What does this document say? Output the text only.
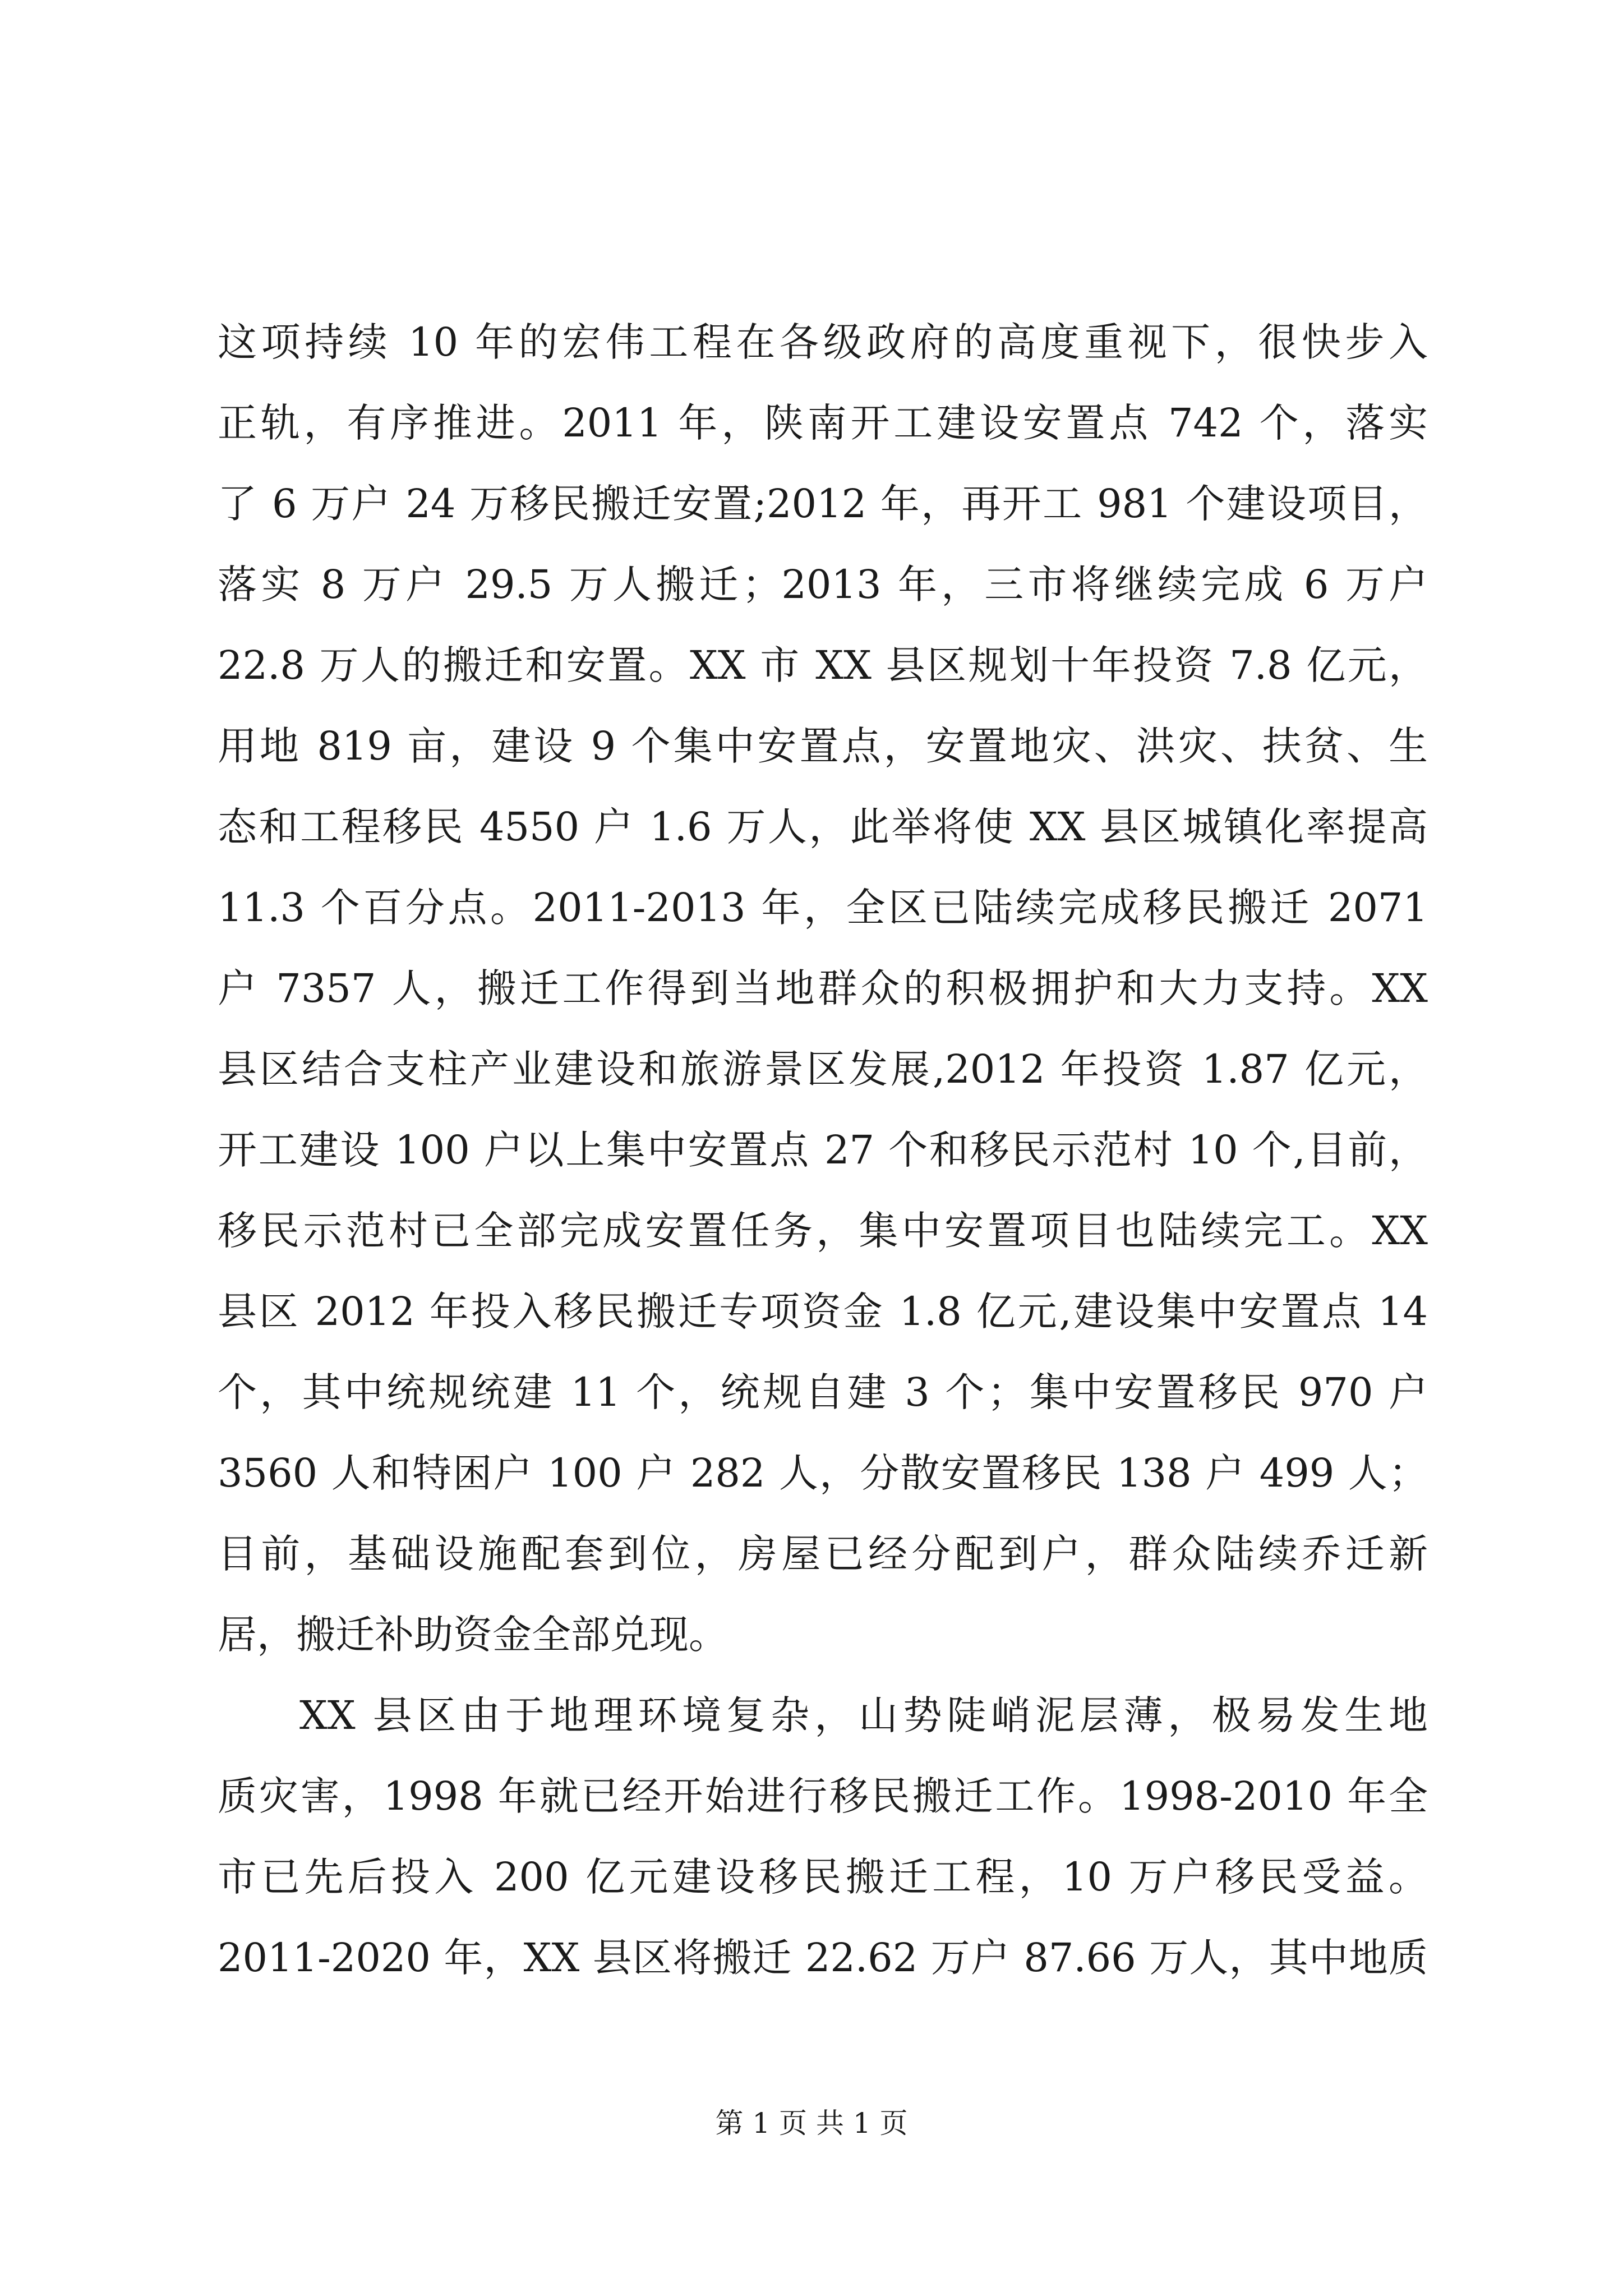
这项持续 10 年的宏伟工程在各级政府的高度重视下，很快步入
正轨，有序推进。2011 年，陕南开工建设安置点 742 个，落实
了 6 万户 24 万移民搬迁安置;2012 年，再开工 981 个建设项目，
落实 8 万户 29.5 万人搬迁；2013 年，三市将继续完成 6 万户
22.8 万人的搬迁和安置。XX 市 XX 县区规划十年投资 7.8 亿元，
用地 819 亩，建设 9 个集中安置点，安置地灾、洪灾、扶贫、生
态和工程移民 4550 户 1.6 万人，此举将使 XX 县区城镇化率提高
11.3 个百分点。2011-2013 年，全区已陆续完成移民搬迁 2071
户 7357 人，搬迁工作得到当地群众的积极拥护和大力支持。XX
县区结合支柱产业建设和旅游景区发展,2012 年投资 1.87 亿元，
开工建设 100 户以上集中安置点 27 个和移民示范村 10 个,目前，
移民示范村已全部完成安置任务，集中安置项目也陆续完工。XX
县区 2012 年投入移民搬迁专项资金 1.8 亿元,建设集中安置点 14
个，其中统规统建 11 个，统规自建 3 个；集中安置移民 970 户
3560 人和特困户 100 户 282 人，分散安置移民 138 户 499 人；
目前，基础设施配套到位，房屋已经分配到户，群众陆续乔迁新
居，搬迁补助资金全部兑现。
XX 县区由于地理环境复杂，山势陡峭泥层薄，极易发生地
质灾害，1998 年就已经开始进行移民搬迁工作。1998-2010 年全
市已先后投入 200 亿元建设移民搬迁工程，10 万户移民受益。
2011-2020 年，XX 县区将搬迁 22.62 万户 87.66 万人，其中地质
第 1 页 共 1 页
